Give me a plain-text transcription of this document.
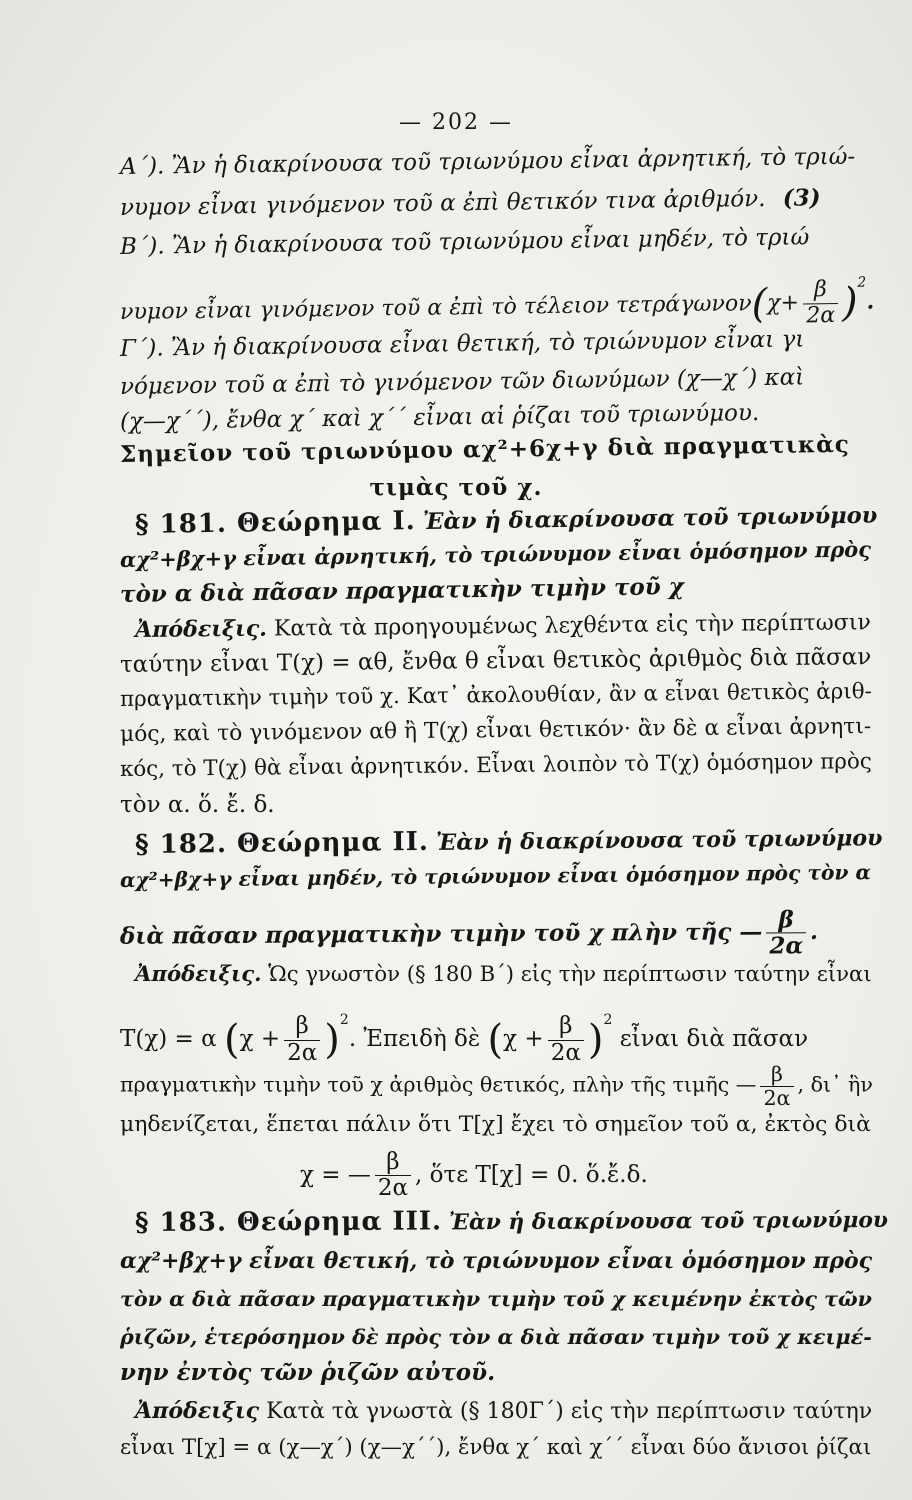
— 202 —
Α΄). Ἂν ἡ διακρίνουσα τοῦ τριωνύμου εἶναι ἀρνητική, τὸ τριώ-
νυμον εἶναι γινόμενον τοῦ α ἐπὶ θετικόν τινα ἀριθμόν. (3)
Β΄). Ἂν ἡ διακρίνουσα τοῦ τριωνύμου εἶναι μηδέν, τὸ τριώ
νυμον εἶναι γινόμενον τοῦ α ἐπὶ τὸ τέλειον $\tau\varepsilon\tau\rho ά\gamma\omega\nu o\nu(\chi+ \frac{\beta}{2\alpha} )^2$.
Γ΄). Ἂν ἡ διακρίνουσα εἶναι θετική, τὸ τριώνυμον εἶναι γι
νόμενον τοῦ α ἐπὶ τὸ γινόμενον τῶν διωνύμων (χ—χ΄) καὶ
(χ—χ΄΄), ἔνθα χ΄ καὶ χ΄΄ εἶναι αἱ ῥίζαι τοῦ τριωνύμου.
Σημεῖον τοῦ τριωνύμου αχ²+6χ+γ διὰ πραγματικὰς
τιμὰς τοῦ χ.
§ 181. Θεώρημα I. Ἐὰν ἡ διακρίνουσα τοῦ τριωνύμου
αχ²+βχ+γ εἶναι ἀρνητική, τὸ τριώνυμον εἶναι ὁμόσημον πρὸς
τὸν α διὰ πᾶσαν πραγματικὴν τιμὴν τοῦ χ
Ἀπόδειξις. Κατὰ τὰ προηγουμένως λεχθέντα εἰς τὴν περίπτωσιν
ταύτην εἶναι Τ(χ) = αθ, ἔνθα θ εἶναι θετικὸς ἀριθμὸς διὰ πᾶσαν
πραγματικὴν τιμὴν τοῦ χ. Κατ᾽ ἀκολουθίαν, ἂν α εἶναι θετικὸς ἀριθ-
μός, καὶ τὸ γινόμενον αθ ἢ Τ(χ) εἶναι θετικόν· ἂν δὲ α εἶναι ἀρνητι-
κός, τὸ Τ(χ) θὰ εἶναι ἀρνητικόν. Εἶναι λοιπὸν τὸ Τ(χ) ὁμόσημον πρὸς
τὸν α. ὅ. ἔ. δ.
§ 182. Θεώρημα II. Ἐὰν ἡ διακρίνουσα τοῦ τριωνύμου
αχ²+βχ+γ εἶναι μηδέν, τὸ τριώνυμον εἶναι ὁμόσημον πρὸς τὸν α
διὰ πᾶσαν πραγματικὴν τιμὴν τοῦ χ πλὴν τῆς — $\frac{\beta}{2\alpha}$ .
Ἀπόδειξις. Ὡς γνωστὸν (§ 180 Β΄) εἰς τὴν περίπτωσιν ταύτην εἶναι
Τ(χ) = α $(\chi + \frac{\beta}{2\alpha} )^2$. Ἐπειδὴ δὲ $(\chi + \frac{\beta}{2\alpha} )^2$ εἶναι διὰ πᾶσαν
πραγματικὴν τιμὴν τοῦ χ ἀριθμὸς θετικός, πλὴν τῆς τιμῆς — $\frac{\beta}{2\alpha}$ , δι᾽ ἣν
μηδενίζεται, ἕπεται πάλιν ὅτι Τ[χ] ἔχει τὸ σημεῖον τοῦ α, ἐκτὸς διὰ
χ = — $\frac{\beta}{2\alpha}$ , ὅτε Τ[χ] = 0. ὅ.ἔ.δ.
§ 183. Θεώρημα III. Ἐὰν ἡ διακρίνουσα τοῦ τριωνύμου
αχ²+βχ+γ εἶναι θετική, τὸ τριώνυμον εἶναι ὁμόσημον πρὸς
τὸν α διὰ πᾶσαν πραγματικὴν τιμὴν τοῦ χ κειμένην ἐκτὸς τῶν
ῥιζῶν, ἑτερόσημον δὲ πρὸς τὸν α διὰ πᾶσαν τιμὴν τοῦ χ κειμέ-
νην ἐντὸς τῶν ῥιζῶν αὐτοῦ.
Ἀπόδειξις Κατὰ τὰ γνωστὰ (§ 180Γ΄) εἰς τὴν περίπτωσιν ταύτην
εἶναι Τ[χ] = α (χ—χ΄) (χ—χ΄΄), ἔνθα χ΄ καὶ χ΄΄ εἶναι δύο ἄνισοι ῥίζαι
